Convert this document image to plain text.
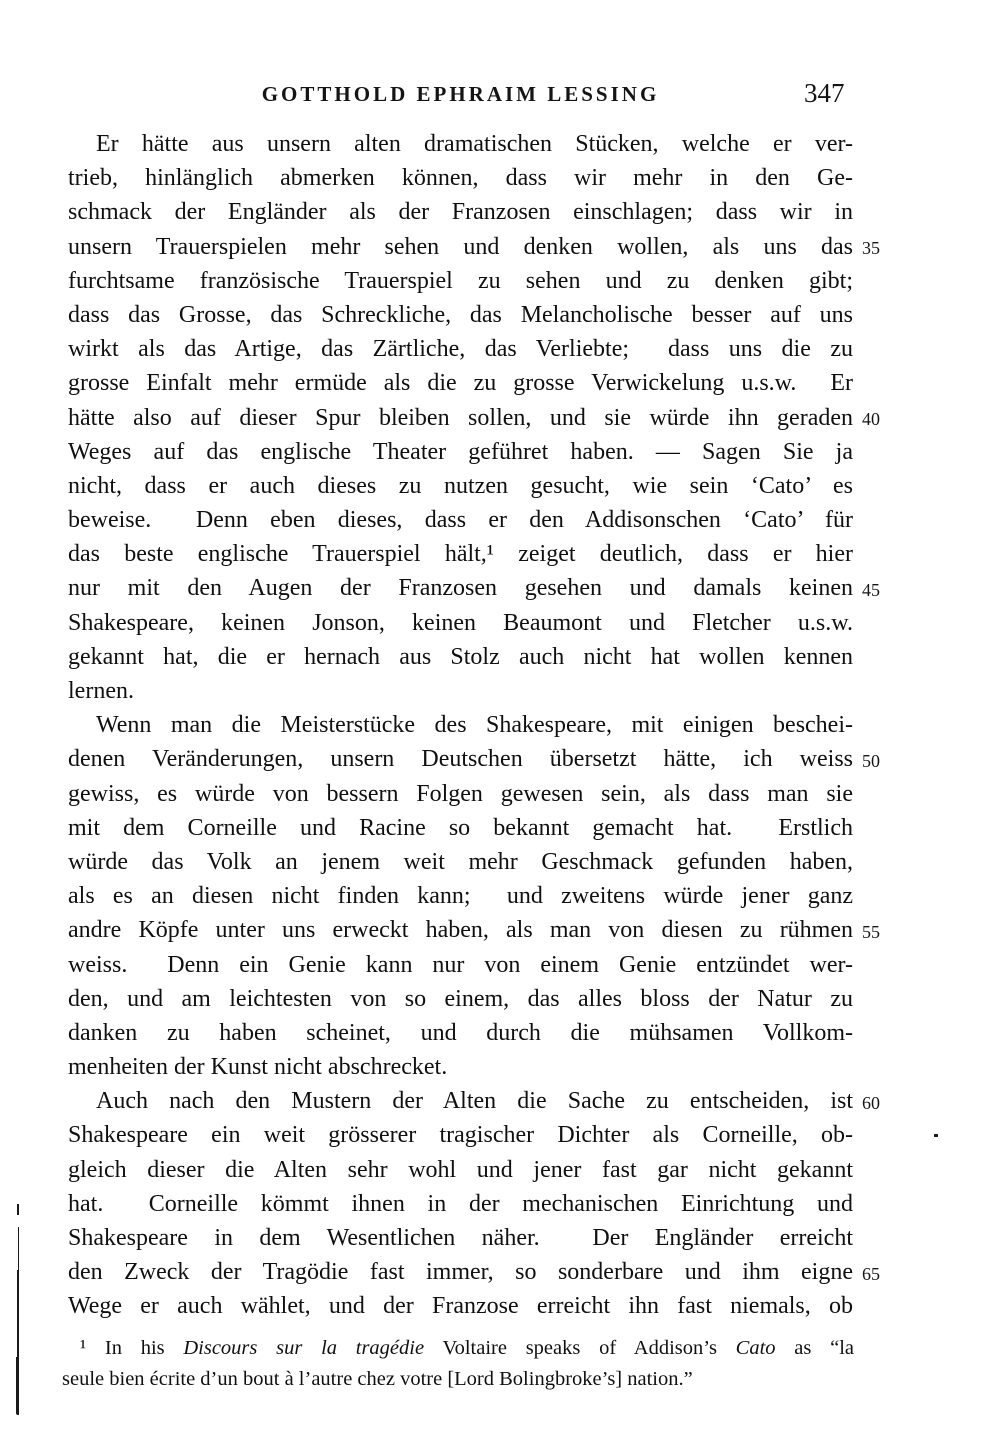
GOTTHOLD EPHRAIM LESSING	347
Er hätte aus unsern alten dramatischen Stücken, welche er ver-
trieb, hinlänglich abmerken können, dass wir mehr in den Ge-
schmack der Engländer als der Franzosen einschlagen; dass wir in
unsern Trauerspielen mehr sehen und denken wollen, als uns das
furchtsame französische Trauerspiel zu sehen und zu denken gibt;
dass das Grosse, das Schreckliche, das Melancholische besser auf uns
wirkt als das Artige, das Zärtliche, das Verliebte;  dass uns die zu
grosse Einfalt mehr ermüde als die zu grosse Verwickelung u.s.w.  Er
hätte also auf dieser Spur bleiben sollen, und sie würde ihn geraden
Weges auf das englische Theater geführet haben. — Sagen Sie ja
nicht, dass er auch dieses zu nutzen gesucht, wie sein ‘Cato’ es
beweise.  Denn eben dieses, dass er den Addisonschen ‘Cato’ für
das beste englische Trauerspiel hält,¹ zeiget deutlich, dass er hier
nur mit den Augen der Franzosen gesehen und damals keinen
Shakespeare, keinen Jonson, keinen Beaumont und Fletcher u.s.w.
gekannt hat, die er hernach aus Stolz auch nicht hat wollen kennen
lernen.
Wenn man die Meisterstücke des Shakespeare, mit einigen beschei-
denen Veränderungen, unsern Deutschen übersetzt hätte, ich weiss
gewiss, es würde von bessern Folgen gewesen sein, als dass man sie
mit dem Corneille und Racine so bekannt gemacht hat.  Erstlich
würde das Volk an jenem weit mehr Geschmack gefunden haben,
als es an diesen nicht finden kann;  und zweitens würde jener ganz
andre Köpfe unter uns erweckt haben, als man von diesen zu rühmen
weiss.  Denn ein Genie kann nur von einem Genie entzündet wer-
den, und am leichtesten von so einem, das alles bloss der Natur zu
danken zu haben scheinet, und durch die mühsamen Vollkom-
menheiten der Kunst nicht abschrecket.
Auch nach den Mustern der Alten die Sache zu entscheiden, ist
Shakespeare ein weit grösserer tragischer Dichter als Corneille, ob-
gleich dieser die Alten sehr wohl und jener fast gar nicht gekannt
hat.  Corneille kömmt ihnen in der mechanischen Einrichtung und
Shakespeare in dem Wesentlichen näher.  Der Engländer erreicht
den Zweck der Tragödie fast immer, so sonderbare und ihm eigne
Wege er auch wählet, und der Franzose erreicht ihn fast niemals, ob
35
40
45
50
55
60
65
¹ In his Discours sur la tragédie Voltaire speaks of Addison’s Cato as “la
seule bien écrite d’un bout à l’autre chez votre [Lord Bolingbroke’s] nation.”
